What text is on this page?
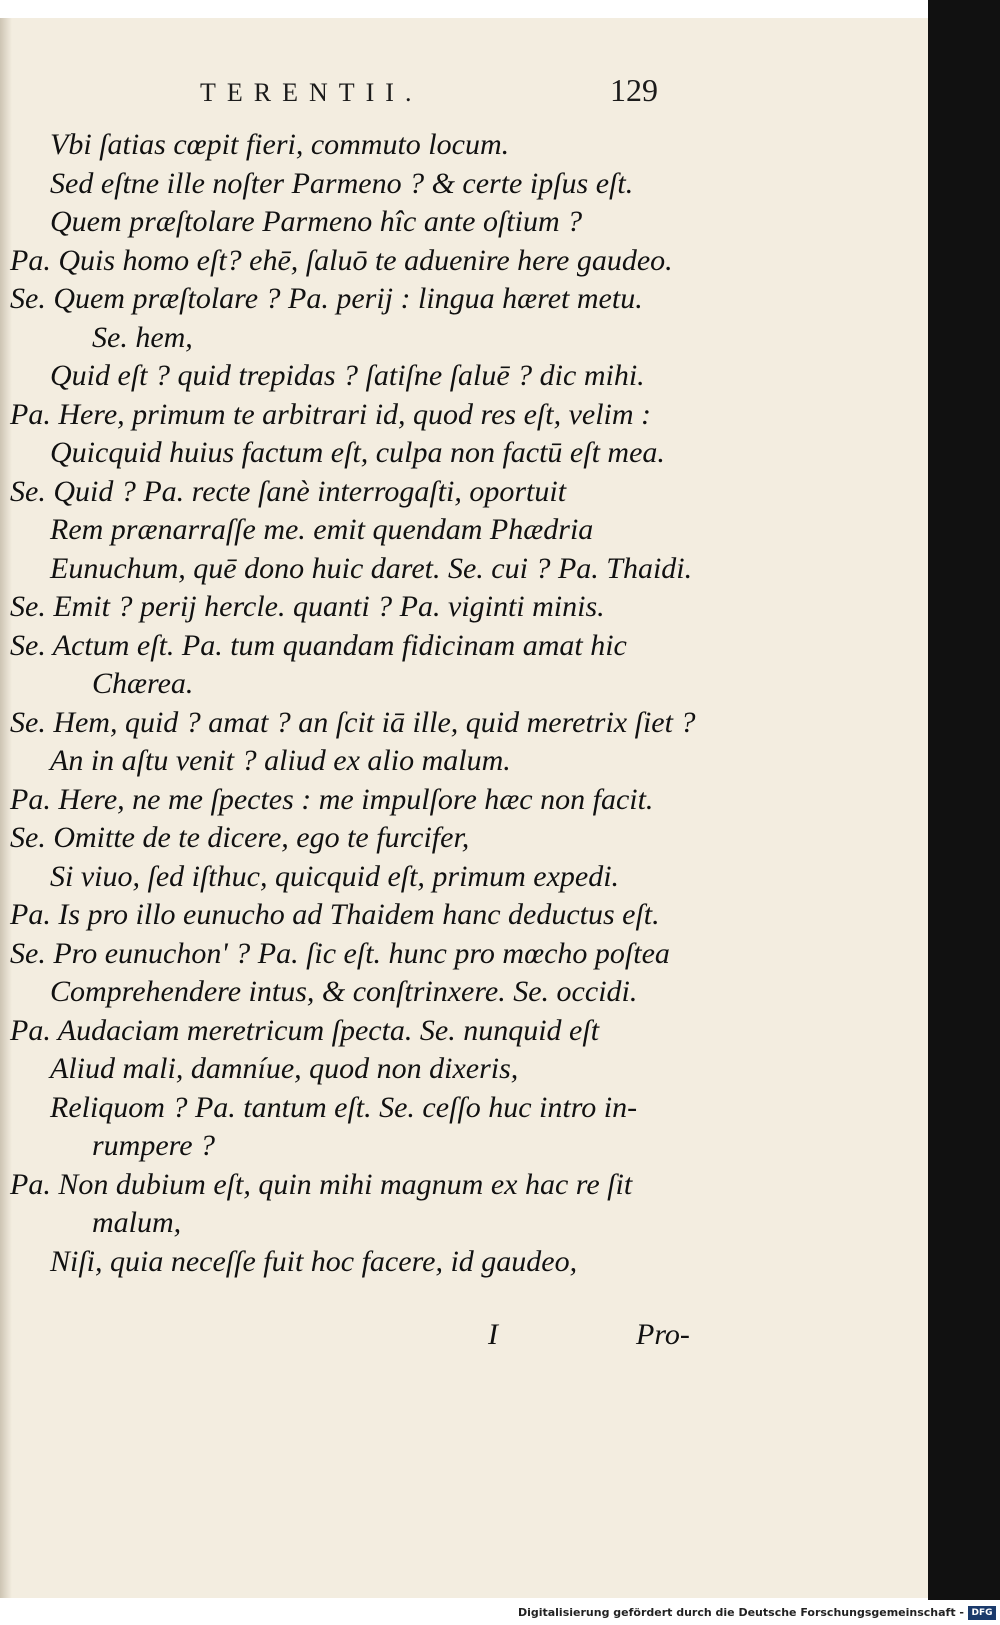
TERENTII.	129
Vbi ſatias cœpit fieri, commuto locum.
Sed eſtne ille noſter Parmeno ? & certe ipſus eſt.
Quem præſtolare Parmeno hîc ante oſtium ?
Pa. Quis homo eſt? ehē, ſaluō te aduenire here gaudeo.
Se. Quem præſtolare ? Pa. perij : lingua hæret metu.
Se. hem,
Quid eſt ? quid trepidas ? ſatiſne ſaluē ? dic mihi.
Pa. Here, primum te arbitrari id, quod res eſt, velim :
Quicquid huius factum eſt, culpa non factū eſt mea.
Se. Quid ? Pa. recte ſanè interrogaſti, oportuit
Rem prænarraſſe me. emit quendam Phædria
Eunuchum, quē dono huic daret. Se. cui ? Pa. Thaidi.
Se. Emit ? perij hercle. quanti ? Pa. viginti minis.
Se. Actum eſt. Pa. tum quandam fidicinam amat hic
Chærea.
Se. Hem, quid ? amat ? an ſcit iā ille, quid meretrix ſiet ?
An in aſtu venit ? aliud ex alio malum.
Pa. Here, ne me ſpectes : me impulſore hæc non facit.
Se. Omitte de te dicere, ego te furcifer,
Si viuo, ſed iſthuc, quicquid eſt, primum expedi.
Pa. Is pro illo eunucho ad Thaidem hanc deductus eſt.
Se. Pro eunuchon' ? Pa. ſic eſt. hunc pro mœcho poſtea
Comprehendere intus, & conſtrinxere. Se. occidi.
Pa. Audaciam meretricum ſpecta. Se. nunquid eſt
Aliud mali, damníue, quod non dixeris,
Reliquom ? Pa. tantum eſt. Se. ceſſo huc intro in-
rumpere ?
Pa. Non dubium eſt, quin mihi magnum ex hac re ſit
malum,
Niſi, quia neceſſe fuit hoc facere, id gaudeo,
I	Pro-
Digitalisierung gefördert durch die Deutsche Forschungsgemeinschaft - DFG
